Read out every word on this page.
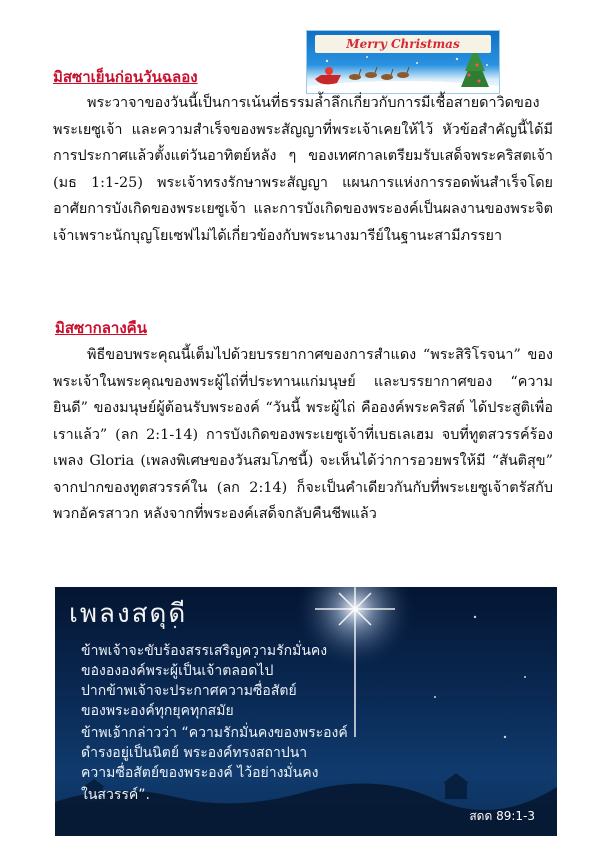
Merry Christmas
มิสซาเย็นก่อนวันฉลอง

พระวาจาของวันนี้เป็นการเน้นที่ธรรมล้ำลึกเกี่ยวกับการมีเชื้อสายดาวิดของพระเยซูเจ้า และความสำเร็จของพระสัญญาที่พระเจ้าเคยให้ไว้ หัวข้อสำคัญนี้ได้มีการประกาศแล้วตั้งแต่วันอาทิตย์หลัง ๆ ของเทศกาลเตรียมรับเสด็จพระคริสตเจ้า (มธ 1:1-25) พระเจ้าทรงรักษาพระสัญญา แผนการแห่งการรอดพ้นสำเร็จโดยอาศัยการบังเกิดของพระเยซูเจ้า และการบังเกิดของพระองค์เป็นผลงานของพระจิตเจ้าเพราะนักบุญโยเซฟไม่ได้เกี่ยวข้องกับพระนางมารีย์ในฐานะสามีภรรยา

มิสซากลางคืน

พิธีขอบพระคุณนี้เต็มไปด้วยบรรยากาศของการสำแดง “พระสิริโรจนา” ของพระเจ้าในพระคุณของพระผู้ไถ่ที่ประทานแก่มนุษย์ และบรรยากาศของ “ความยินดี” ของมนุษย์ผู้ต้อนรับพระองค์ “วันนี้ พระผู้ไถ่ คือองค์พระคริสต์ ได้ประสูติเพื่อเราแล้ว” (ลก 2:1-14) การบังเกิดของพระเยซูเจ้าที่เบธเลเฮม จบที่ทูตสวรรค์ร้องเพลง Gloria (เพลงพิเศษของวันสมโภชนี้) จะเห็นได้ว่าการอวยพรให้มี “สันติสุข” จากปากของทูตสวรรค์ใน (ลก 2:14) ก็จะเป็นคำเดียวกันกับที่พระเยซูเจ้าตรัสกับพวกอัครสาวก หลังจากที่พระองค์เสด็จกลับคืนชีพแล้ว

เพลงสดุดี
ข้าพเจ้าจะขับร้องสรรเสริญความรักมั่นคง
ของององค์พระผู้เป็นเจ้าตลอดไป
ปากข้าพเจ้าจะประกาศความซื่อสัตย์
ของพระองค์ทุกยุคทุกสมัย
ข้าพเจ้ากล่าวว่า “ความรักมั่นคงของพระองค์
ดำรงอยู่เป็นนิตย์ พระองค์ทรงสถาปนา
ความซื่อสัตย์ของพระองค์ ไว้อย่างมั่นคง
ในสวรรค์”.
สดด 89:1-3
